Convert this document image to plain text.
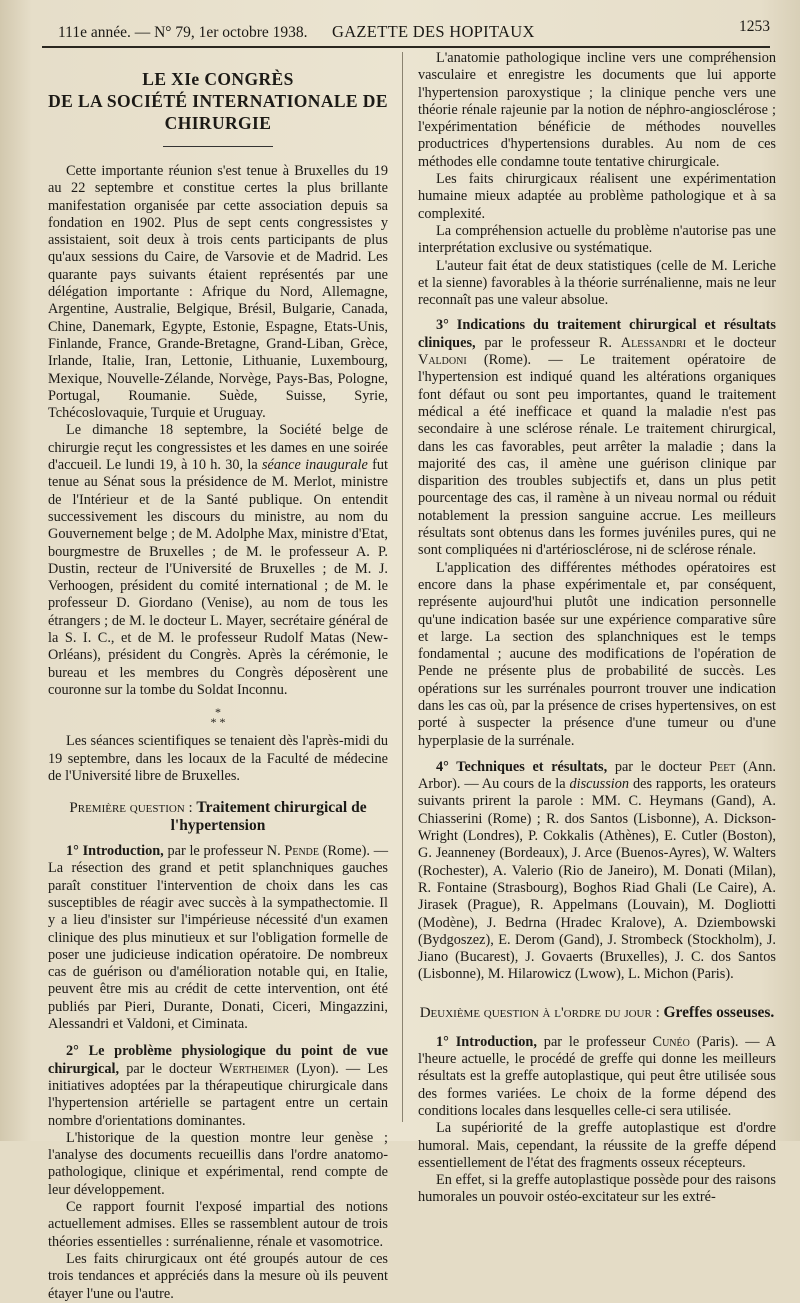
111e année. — N° 79, 1er octobre 1938. GAZETTE DES HOPITAUX	1253
LE XIe CONGRÈS
DE LA SOCIÉTÉ INTERNATIONALE DE CHIRURGIE

Cette importante réunion s'est tenue à Bruxelles du 19 au 22 septembre et constitue certes la plus brillante manifestation organisée par cette association depuis sa fondation en 1902. Plus de sept cents congressistes y assistaient, soit deux à trois cents participants de plus qu'aux sessions du Caire, de Varsovie et de Madrid. Les quarante pays suivants étaient représentés par une délégation importante : Afrique du Nord, Allemagne, Argentine, Australie, Belgique, Brésil, Bulgarie, Canada, Chine, Danemark, Egypte, Estonie, Espagne, Etats-Unis, Finlande, France, Grande-Bretagne, Grand-Liban, Grèce, Irlande, Italie, Iran, Lettonie, Lithuanie, Luxembourg, Mexique, Nouvelle-Zélande, Norvège, Pays-Bas, Pologne, Portugal, Roumanie. Suède, Suisse, Syrie, Tchécoslovaquie, Turquie et Uruguay.

Le dimanche 18 septembre, la Société belge de chirurgie reçut les congressistes et les dames en une soirée d'accueil. Le lundi 19, à 10 h. 30, la séance inaugurale fut tenue au Sénat sous la présidence de M. Merlot, ministre de l'Intérieur et de la Santé publique. On entendit successivement les discours du ministre, au nom du Gouvernement belge ; de M. Adolphe Max, ministre d'Etat, bourgmestre de Bruxelles ; de M. le professeur A. P. Dustin, recteur de l'Université de Bruxelles ; de M. J. Verhoogen, président du comité international ; de M. le professeur D. Giordano (Venise), au nom de tous les étrangers ; de M. le docteur L. Mayer, secrétaire général de la S. I. C., et de M. le professeur Rudolf Matas (New-Orléans), président du Congrès. Après la cérémonie, le bureau et les membres du Congrès déposèrent une couronne sur la tombe du Soldat Inconnu.

*
* *

Les séances scientifiques se tenaient dès l'après-midi du 19 septembre, dans les locaux de la Faculté de médecine de l'Université libre de Bruxelles.

Première question : Traitement chirurgical de l'hypertension

1° Introduction, par le professeur N. Pende (Rome). — La résection des grand et petit splanchniques gauches paraît constituer l'intervention de choix dans les cas susceptibles de réagir avec succès à la sympathectomie. Il y a lieu d'insister sur l'impérieuse nécessité d'un examen clinique des plus minutieux et sur l'obligation formelle de poser une judicieuse indication opératoire. De nombreux cas de guérison ou d'amélioration notable qui, en Italie, peuvent être mis au crédit de cette intervention, ont été publiés par Pieri, Durante, Donati, Ciceri, Mingazzini, Alessandri et Valdoni, et Ciminata.

2° Le problème physiologique du point de vue chirurgical, par le docteur Wertheimer (Lyon). — Les initiatives adoptées par la thérapeutique chirurgicale dans l'hypertension artérielle se partagent entre un certain nombre d'orientations dominantes.

L'historique de la question montre leur genèse ; l'analyse des documents recueillis dans l'ordre anatomo-pathologique, clinique et expérimental, rend compte de leur développement.

Ce rapport fournit l'exposé impartial des notions actuellement admises. Elles se rassemblent autour de trois théories essentielles : surrénalienne, rénale et vasomotrice.

Les faits chirurgicaux ont été groupés autour de ces trois tendances et appréciés dans la mesure où ils peuvent étayer l'une ou l'autre.

L'anatomie pathologique incline vers une compréhension vasculaire et enregistre les documents que lui apporte l'hypertension paroxystique ; la clinique penche vers une théorie rénale rajeunie par la notion de néphro-angiosclérose ; l'expérimentation bénéficie de méthodes nouvelles productrices d'hypertensions durables. Au nom de ces méthodes elle condamne toute tentative chirurgicale.

Les faits chirurgicaux réalisent une expérimentation humaine mieux adaptée au problème pathologique et à sa complexité.

La compréhension actuelle du problème n'autorise pas une interprétation exclusive ou systématique.

L'auteur fait état de deux statistiques (celle de M. Leriche et la sienne) favorables à la théorie surrénalienne, mais ne leur reconnaît pas une valeur absolue.

3° Indications du traitement chirurgical et résultats cliniques, par le professeur R. Alessandri et le docteur Valdoni (Rome). — Le traitement opératoire de l'hypertension est indiqué quand les altérations organiques font défaut ou sont peu importantes, quand le traitement médical a été inefficace et quand la maladie n'est pas secondaire à une sclérose rénale. Le traitement chirurgical, dans les cas favorables, peut arrêter la maladie ; dans la majorité des cas, il amène une guérison clinique par disparition des troubles subjectifs et, dans un plus petit pourcentage des cas, il ramène à un niveau normal ou réduit notablement la pression sanguine accrue. Les meilleurs résultats sont obtenus dans les formes juvéniles pures, qui ne sont compliquées ni d'artériosclérose, ni de sclérose rénale.

L'application des différentes méthodes opératoires est encore dans la phase expérimentale et, par conséquent, représente aujourd'hui plutôt une indication personnelle qu'une indication basée sur une expérience comparative sûre et large. La section des splanchniques est le temps fondamental ; aucune des modifications de l'opération de Pende ne présente plus de probabilité de succès. Les opérations sur les surrénales pourront trouver une indication dans les cas où, par la présence de crises hypertensives, on est porté à suspecter la présence d'une tumeur ou d'une hyperplasie de la surrénale.

4° Techniques et résultats, par le docteur Peet (Ann. Arbor). — Au cours de la discussion des rapports, les orateurs suivants prirent la parole : MM. C. Heymans (Gand), A. Chiasserini (Rome) ; R. dos Santos (Lisbonne), A. Dickson-Wright (Londres), P. Cokkalis (Athènes), E. Cutler (Boston), G. Jeanneney (Bordeaux), J. Arce (Buenos-Ayres), W. Walters (Rochester), A. Valerio (Rio de Janeiro), M. Donati (Milan), R. Fontaine (Strasbourg), Boghos Riad Ghali (Le Caire), A. Jirasek (Prague), R. Appelmans (Louvain), M. Dogliotti (Modène), J. Bedrna (Hradec Kralove), A. Dziembowski (Bydgoszez), E. Derom (Gand), J. Strombeck (Stockholm), J. Jiano (Bucarest), J. Govaerts (Bruxelles), J. C. dos Santos (Lisbonne), M. Hilarowicz (Lwow), L. Michon (Paris).

Deuxième question à l'ordre du jour : Greffes osseuses.

1° Introduction, par le professeur Cunéo (Paris). — A l'heure actuelle, le procédé de greffe qui donne les meilleurs résultats est la greffe autoplastique, qui peut être utilisée sous des formes variées. Le choix de la forme dépend des conditions locales dans lesquelles celle-ci sera utilisée.

La supériorité de la greffe autoplastique est d'ordre humoral. Mais, cependant, la réussite de la greffe dépend essentiellement de l'état des fragments osseux récepteurs.

En effet, si la greffe autoplastique possède pour des raisons humorales un pouvoir ostéo-excitateur sur les extré-
